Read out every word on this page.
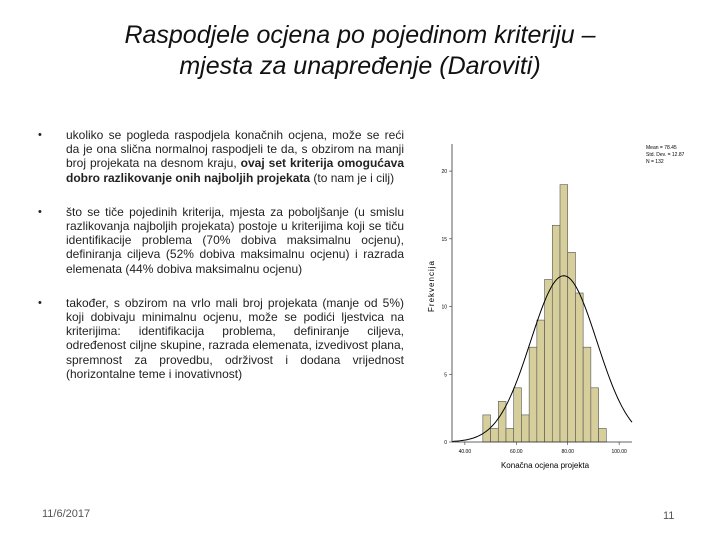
Raspodjele ocjena po pojedinom kriteriju –
mjesta za unapređenje (Daroviti)
• ukoliko se pogleda raspodjela konačnih ocjena, može se reći da je ona slična normalnoj raspodjeli te da, s obzirom na manji broj projekata na desnom kraju, ovaj set kriterija omogućava dobro razlikovanje onih najboljih projekata (to nam je i cilj)
• što se tiče pojedinih kriterija, mjesta za poboljšanje (u smislu razlikovanja najboljih projekata) postoje u kriterijima koji se tiču identifikacije problema (70% dobiva maksimalnu ocjenu), definiranja ciljeva (52% dobiva maksimalnu ocjenu) i razrada elemenata (44% dobiva maksimalnu ocjenu)
• također, s obzirom na vrlo mali broj projekata (manje od 5%) koji dobivaju minimalnu ocjenu, može se podići ljestvica na kriterijima: identifikacija problema, definiranje ciljeva, određenost ciljne skupine, razrada elemenata, izvedivost plana, spremnost za provedbu, održivost i dodana vrijednost (horizontalne teme i inovativnost)
0
5
10
15
20
40.00	60.00	80.00	100.00
Frekvencija
Konačna ocjena projekta
Mean = 78.45
Std. Dev. = 12.87
N = 132
11/6/2017	11
